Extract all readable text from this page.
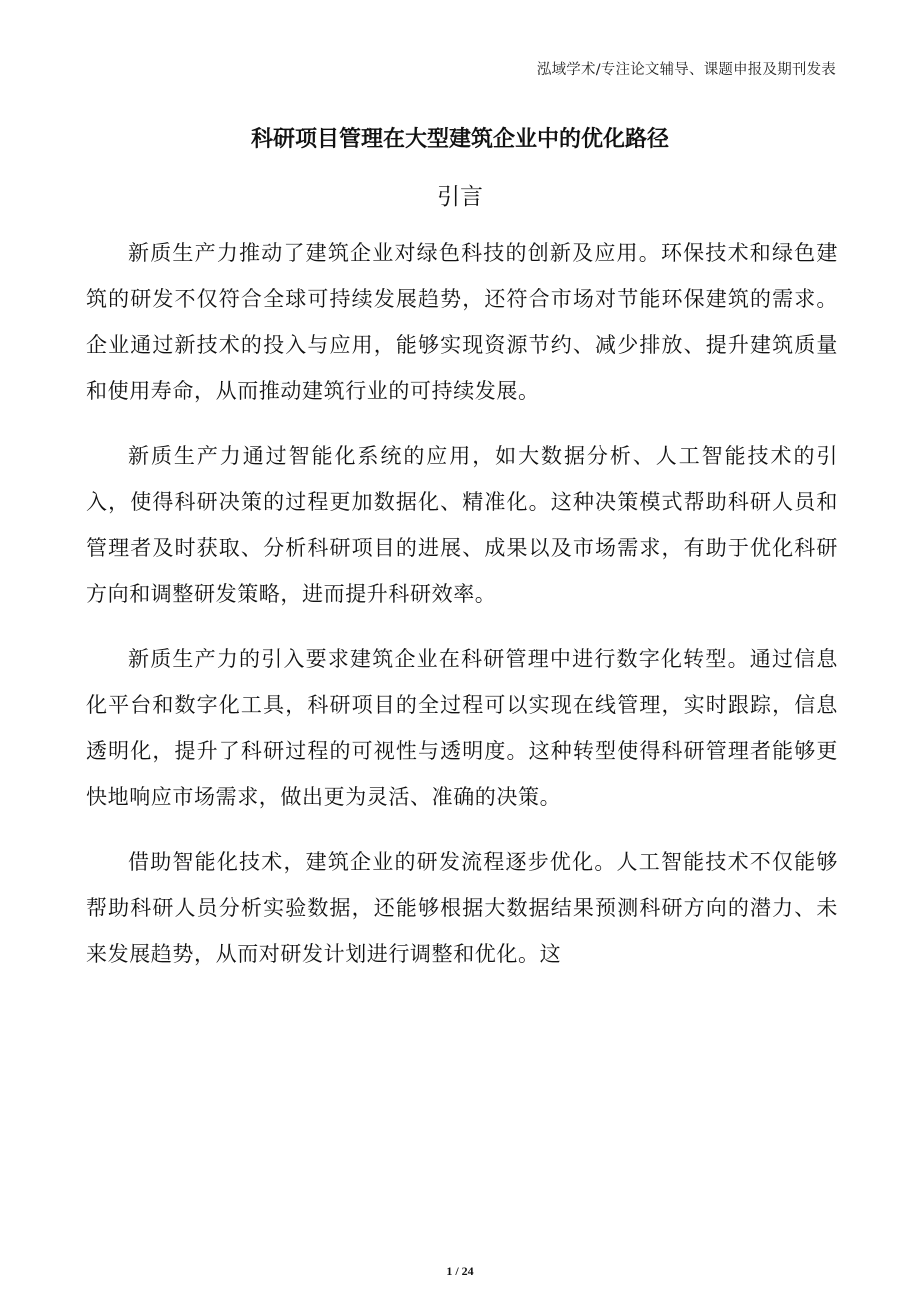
泓域学术/专注论文辅导、课题申报及期刊发表
科研项目管理在大型建筑企业中的优化路径
引言

新质生产力推动了建筑企业对绿色科技的创新及应用。环保技术和绿色建筑的研发不仅符合全球可持续发展趋势，还符合市场对节能环保建筑的需求。企业通过新技术的投入与应用，能够实现资源节约、减少排放、提升建筑质量和使用寿命，从而推动建筑行业的可持续发展。

新质生产力通过智能化系统的应用，如大数据分析、人工智能技术的引入，使得科研决策的过程更加数据化、精准化。这种决策模式帮助科研人员和管理者及时获取、分析科研项目的进展、成果以及市场需求，有助于优化科研方向和调整研发策略，进而提升科研效率。

新质生产力的引入要求建筑企业在科研管理中进行数字化转型。通过信息化平台和数字化工具，科研项目的全过程可以实现在线管理，实时跟踪，信息透明化，提升了科研过程的可视性与透明度。这种转型使得科研管理者能够更快地响应市场需求，做出更为灵活、准确的决策。

借助智能化技术，建筑企业的研发流程逐步优化。人工智能技术不仅能够帮助科研人员分析实验数据，还能够根据大数据结果预测科研方向的潜力、未来发展趋势，从而对研发计划进行调整和优化。这

1 / 24
